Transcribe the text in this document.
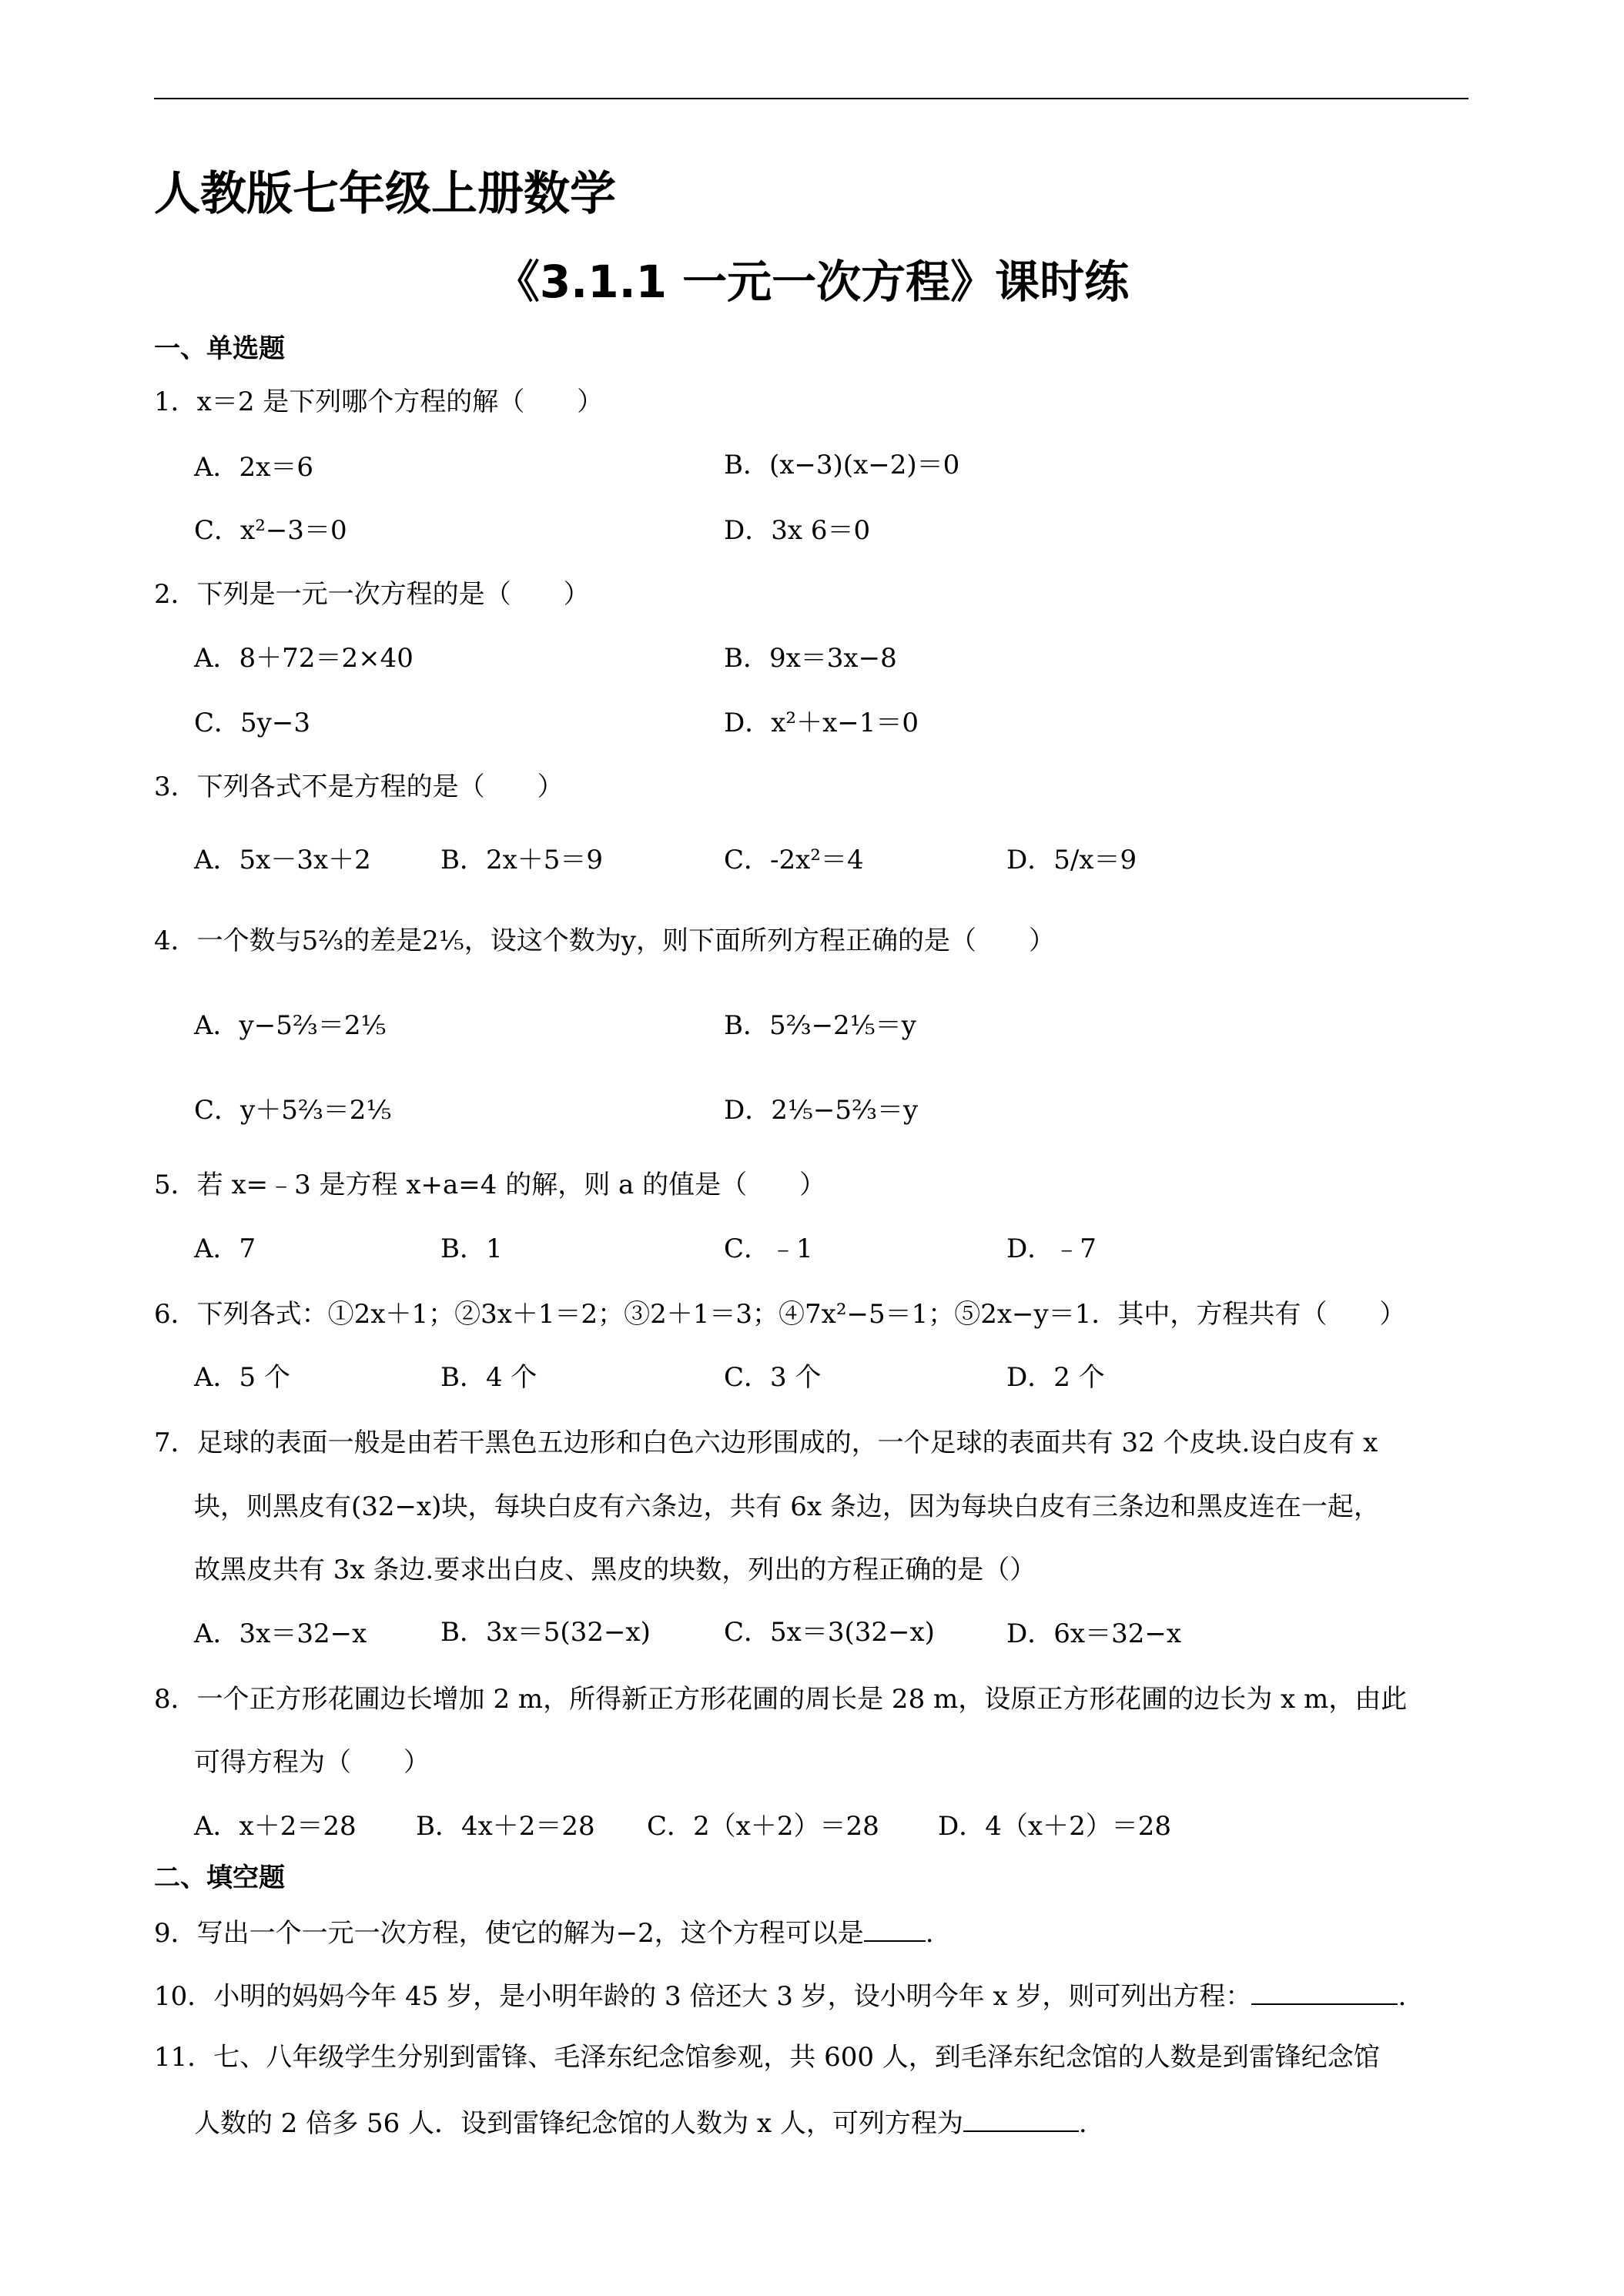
人教版七年级上册数学
《3.1.1 一元一次方程》课时练
一、单选题
1．x＝2 是下列哪个方程的解（　　）
A．2x＝6	B．(x−3)(x−2)＝0
C．x²−3＝0	D．3x 6＝0
2．下列是一元一次方程的是（　　）
A．8＋72＝2×40	B．9x＝3x−8
C．5y−3	D．x²＋x−1＝0
3．下列各式不是方程的是（　　）
A．5x－3x＋2	B．2x＋5＝9	C．-2x²＝4	D．5/x＝9
4．一个数与5⅔的差是2⅕，设这个数为y，则下面所列方程正确的是（　　）
A．y−5⅔＝2⅕	B．5⅔−2⅕＝y
C．y＋5⅔＝2⅕	D．2⅕−5⅔＝y
5．若 x=﹣3 是方程 x+a=4 的解，则 a 的值是（　　）
A．7	B．1	C．﹣1	D．﹣7
6．下列各式：①2x＋1；②3x＋1＝2；③2＋1＝3；④7x²−5＝1；⑤2x−y＝1．其中，方程共有（　　）
A．5 个	B．4 个	C．3 个	D．2 个
7．足球的表面一般是由若干黑色五边形和白色六边形围成的，一个足球的表面共有 32 个皮块.设白皮有 x
块，则黑皮有(32−x)块，每块白皮有六条边，共有 6x 条边，因为每块白皮有三条边和黑皮连在一起，
故黑皮共有 3x 条边.要求出白皮、黑皮的块数，列出的方程正确的是（）
A．3x＝32−x	B．3x＝5(32−x)	C．5x＝3(32−x)	D．6x＝32−x
8．一个正方形花圃边长增加 2 m，所得新正方形花圃的周长是 28 m，设原正方形花圃的边长为 x m，由此
可得方程为（　　）
A．x＋2＝28 B．4x＋2＝28 C．2（x＋2）＝28 D．4（x＋2）＝28
二、填空题
9．写出一个一元一次方程，使它的解为−2，这个方程可以是 .
10．小明的妈妈今年 45 岁，是小明年龄的 3 倍还大 3 岁，设小明今年 x 岁，则可列出方程：	.
11．七、八年级学生分别到雷锋、毛泽东纪念馆参观，共 600 人，到毛泽东纪念馆的人数是到雷锋纪念馆
人数的 2 倍多 56 人．设到雷锋纪念馆的人数为 x 人，可列方程为	.
